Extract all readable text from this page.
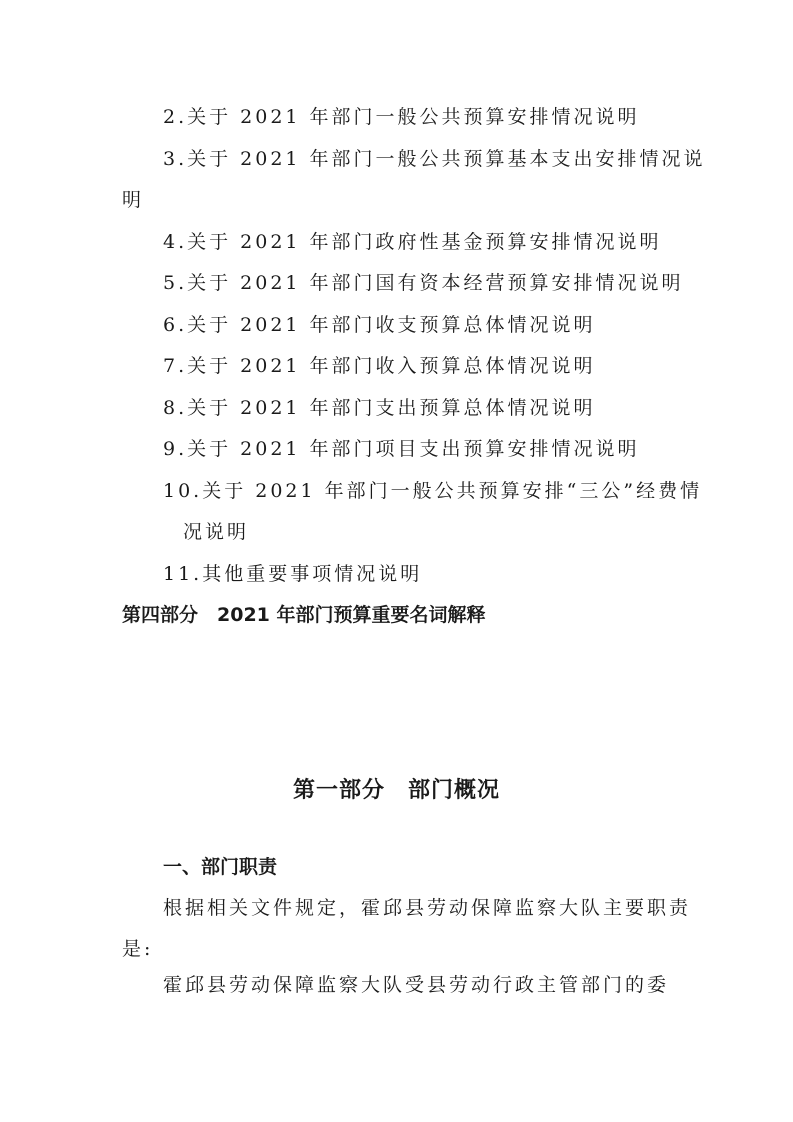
2.关于 2021 年部门一般公共预算安排情况说明
3.关于 2021 年部门一般公共预算基本支出安排情况说
明
4.关于 2021 年部门政府性基金预算安排情况说明
5.关于 2021 年部门国有资本经营预算安排情况说明
6.关于 2021 年部门收支预算总体情况说明
7.关于 2021 年部门收入预算总体情况说明
8.关于 2021 年部门支出预算总体情况说明
9.关于 2021 年部门项目支出预算安排情况说明
10.关于 2021 年部门一般公共预算安排“三公”经费情
况说明
11.其他重要事项情况说明
第四部分　2021 年部门预算重要名词解释
第一部分　部门概况
一、部门职责
根据相关文件规定，霍邱县劳动保障监察大队主要职责
是:
霍邱县劳动保障监察大队受县劳动行政主管部门的委
